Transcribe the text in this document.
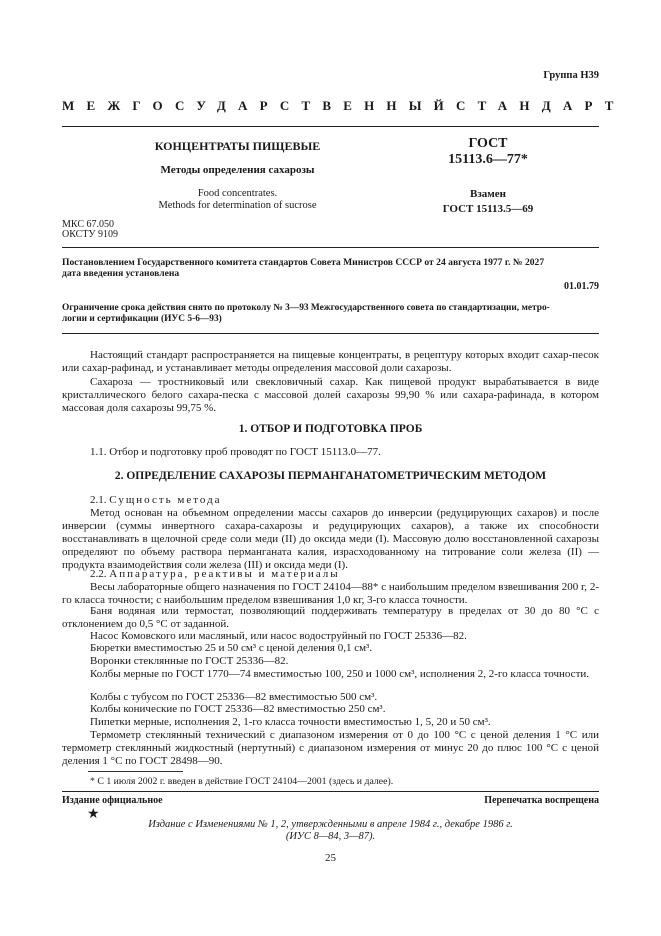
Группа Н39
МЕЖГОСУДАРСТВЕННЫЙ СТАНДАРТ
КОНЦЕНТРАТЫ ПИЩЕВЫЕ
Методы определения сахарозы
Food concentrates.
Methods for determination of sucrose
ГОСТ
15113.6—77*
Взамен
ГОСТ 15113.5—69
МКС 67.050
ОКСТУ 9109
Постановлением Государственного комитета стандартов Совета Министров СССР от 24 августа 1977 г. № 2027
дата введения установлена
01.01.79
Ограничение срока действия снято по протоколу № 3—93 Межгосударственного совета по стандартизации, метро-
логии и сертификации (ИУС 5-6—93)
Настоящий стандарт распространяется на пищевые концентраты, в рецептуру которых входит сахар-песок или сахар-рафинад, и устанавливает методы определения массовой доли сахарозы.
Сахароза — тростниковый или свекловичный сахар. Как пищевой продукт вырабатывается в виде кристаллического белого сахара-песка с массовой долей сахарозы 99,90 % или сахара-рафинада, в котором массовая доля сахарозы 99,75 %.
1. ОТБОР И ПОДГОТОВКА ПРОБ
1.1. Отбор и подготовку проб проводят по ГОСТ 15113.0—77.
2. ОПРЕДЕЛЕНИЕ САХАРОЗЫ ПЕРМАНГАНАТОМЕТРИЧЕСКИМ МЕТОДОМ
2.1. Сущность метода
Метод основан на объемном определении массы сахаров до инверсии (редуцирующих сахаров) и после инверсии (суммы инвертного сахара-сахарозы и редуцирующих сахаров), а также их способности восстанавливать в щелочной среде соли меди (II) до оксида меди (I). Массовую долю восстановленной сахарозы определяют по объему раствора перманганата калия, израсходованному на титрование соли железа (II) — продукта взаимодействия соли железа (III) и оксида меди (I).
2.2. Аппаратура, реактивы и материалы
Весы лабораторные общего назначения по ГОСТ 24104—88* с наибольшим пределом взвешивания 200 г, 2-го класса точности; с наибольшим пределом взвешивания 1,0 кг, 3-го класса точности.
Баня водяная или термостат, позволяющий поддерживать температуру в пределах от 30 до 80 °С с отклонением до 0,5 °С от заданной.
Насос Комовского или масляный, или насос водоструйный по ГОСТ 25336—82.
Бюретки вместимостью 25 и 50 см³ с ценой деления 0,1 см³.
Воронки стеклянные по ГОСТ 25336—82.
Колбы мерные по ГОСТ 1770—74 вместимостью 100, 250 и 1000 см³, исполнения 2, 2-го класса точности.
Колбы с тубусом по ГОСТ 25336—82 вместимостью 500 см³.
Колбы конические по ГОСТ 25336—82 вместимостью 250 см³.
Пипетки мерные, исполнения 2, 1-го класса точности вместимостью 1, 5, 20 и 50 см³.
Термометр стеклянный технический с диапазоном измерения от 0 до 100 °С с ценой деления 1 °С или термометр стеклянный жидкостный (нертутный) с диапазоном измерения от минус 20 до плюс 100 °С с ценой деления 1 °С по ГОСТ 28498—90.
* С 1 июля 2002 г. введен в действие ГОСТ 24104—2001 (здесь и далее).
Издание официальное	Перепечатка воспрещена
★
Издание с Изменениями № 1, 2, утвержденными в апреле 1984 г., декабре 1986 г.
(ИУС 8—84, 3—87).
25
